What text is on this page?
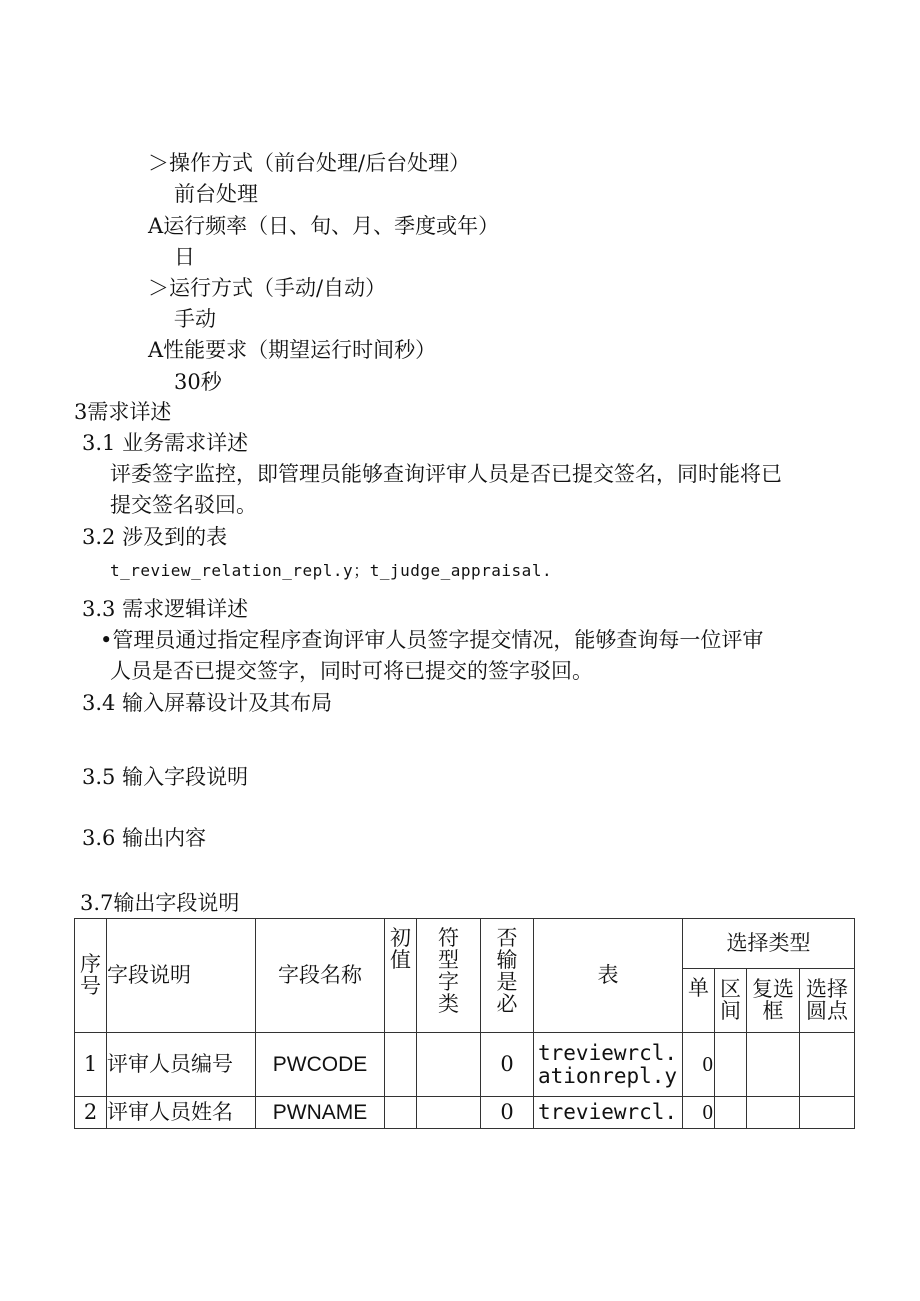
＞操作方式（前台处理/后台处理）
前台处理
A运行频率（日、旬、月、季度或年）
日
＞运行方式（手动/自动）
手动
A性能要求（期望运行时间秒）
30秒
3需求详述
3.1 业务需求详述
评委签字监控，即管理员能够查询评审人员是否已提交签名，同时能将已
提交签名驳回。
3.2 涉及到的表
t_review_relation_repl.y；t_judge_appraisal.
3.3 需求逻辑详述
•管理员通过指定程序查询评审人员签字提交情况，能够查询每一位评审
人员是否已提交签字，同时可将已提交的签字驳回。
3.4 输入屏幕设计及其布局
3.5 输入字段说明
3.6 输出内容
3.7输出字段说明
序号	字段说明	字段名称	初值	符型字类	否输是必	表	选择类型			
							单	区间	复选框	选择圆点
1	评审人员编号	PWCODE			0	treviewrcl.ationrepl.y	0			
2	评审人员姓名	PWNAME			0	treviewrcl.	0			
